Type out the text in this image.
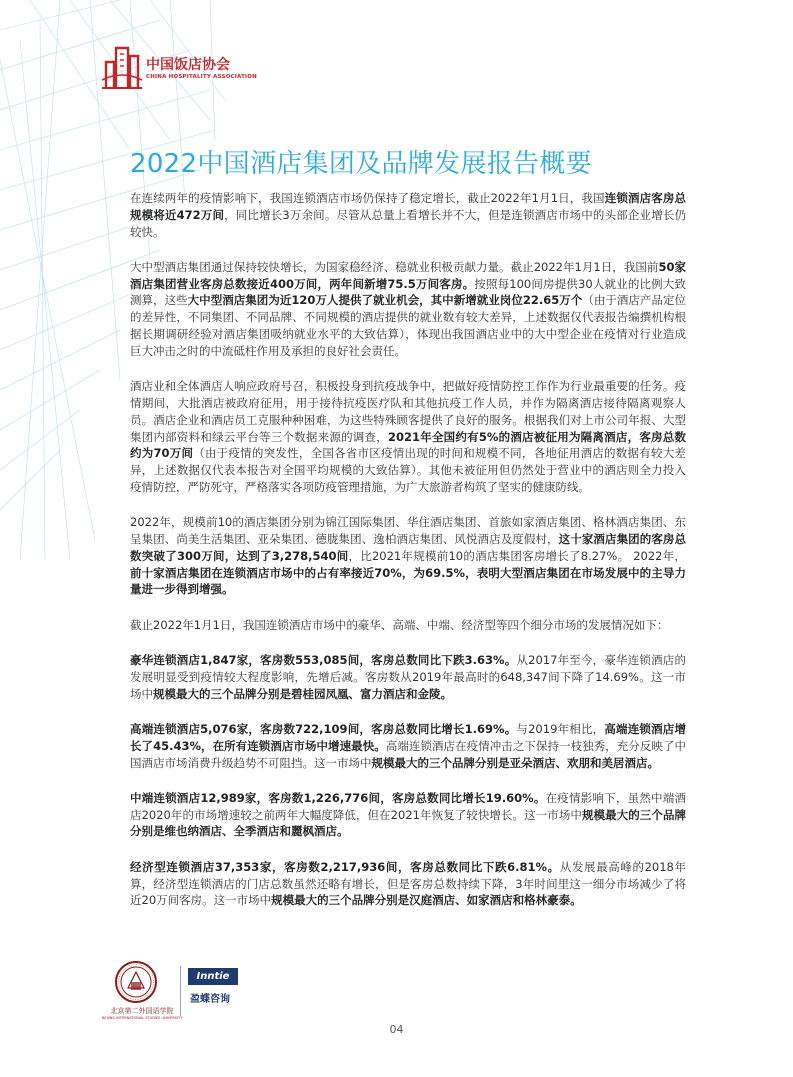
中国饭店协会
CHINA HOSPITALITY ASSOCIATION
2022中国酒店集团及品牌发展报告概要

在连续两年的疫情影响下，我国连锁酒店市场仍保持了稳定增长，截止2022年1月1日，我国连锁酒店客房总规模将近472万间，同比增长3万余间。尽管从总量上看增长并不大，但是连锁酒店市场中的头部企业增长仍较快。

大中型酒店集团通过保持较快增长，为国家稳经济、稳就业积极贡献力量。截止2022年1月1日，我国前50家酒店集团营业客房总数接近400万间，两年间新增75.5万间客房。按照每100间房提供30人就业的比例大致测算，这些大中型酒店集团为近120万人提供了就业机会，其中新增就业岗位22.65万个（由于酒店产品定位的差异性，不同集团、不同品牌、不同规模的酒店提供的就业数有较大差异，上述数据仅代表报告编撰机构根据长期调研经验对酒店集团吸纳就业水平的大致估算），体现出我国酒店业中的大中型企业在疫情对行业造成巨大冲击之时的中流砥柱作用及承担的良好社会责任。

酒店业和全体酒店人响应政府号召，积极投身到抗疫战争中，把做好疫情防控工作作为行业最重要的任务。疫情期间，大批酒店被政府征用，用于接待抗疫医疗队和其他抗疫工作人员，并作为隔离酒店接待隔离观察人员。酒店企业和酒店员工克服种种困难，为这些特殊顾客提供了良好的服务。根据我们对上市公司年报、大型集团内部资料和绿云平台等三个数据来源的调查，2021年全国约有5%的酒店被征用为隔离酒店，客房总数约为70万间（由于疫情的突发性，全国各省市区疫情出现的时间和规模不同，各地征用酒店的数据有较大差异，上述数据仅代表本报告对全国平均规模的大致估算）。其他未被征用但仍然处于营业中的酒店则全力投入疫情防控，严防死守，严格落实各项防疫管理措施，为广大旅游者构筑了坚实的健康防线。

2022年，规模前10的酒店集团分别为锦江国际集团、华住酒店集团、首旅如家酒店集团、格林酒店集团、东呈集团、尚美生活集团、亚朵集团、德胧集团、逸柏酒店集团、风悦酒店及度假村，这十家酒店集团的客房总数突破了300万间，达到了3,278,540间，比2021年规模前10的酒店集团客房增长了8.27%。 2022年，前十家酒店集团在连锁酒店市场中的占有率接近70%，为69.5%，表明大型酒店集团在市场发展中的主导力量进一步得到增强。

截止2022年1月1日，我国连锁酒店市场中的豪华、高端、中端、经济型等四个细分市场的发展情况如下：

豪华连锁酒店1,847家，客房数553,085间，客房总数同比下跌3.63%。从2017年至今，豪华连锁酒店的发展明显受到疫情较大程度影响，先增后减。客房数从2019年最高时的648,347间下降了14.69%。这一市场中规模最大的三个品牌分别是碧桂园凤凰、富力酒店和金陵。

高端连锁酒店5,076家，客房数722,109间，客房总数同比增长1.69%。与2019年相比，高端连锁酒店增长了45.43%，在所有连锁酒店市场中增速最快。高端连锁酒店在疫情冲击之下保持一枝独秀，充分反映了中国酒店市场消费升级趋势不可阻挡。这一市场中规模最大的三个品牌分别是亚朵酒店、欢朋和美居酒店。

中端连锁酒店12,989家，客房数1,226,776间，客房总数同比增长19.60%。在疫情影响下，虽然中端酒店2020年的市场增速较之前两年大幅度降低，但在2021年恢复了较快增长。这一市场中规模最大的三个品牌分别是维也纳酒店、全季酒店和麗枫酒店。

经济型连锁酒店37,353家，客房数2,217,936间，客房总数同比下跌6.81%。从发展最高峰的2018年算，经济型连锁酒店的门店总数虽然还略有增长，但是客房总数持续下降，3年时间里这一细分市场减少了将近20万间客房。这一市场中规模最大的三个品牌分别是汉庭酒店、如家酒店和格林豪泰。

北京第二外国语学院
BEIJING INTERNATIONAL STUDIES UNIVERSITY
Inntie
盈蝶咨询
04
